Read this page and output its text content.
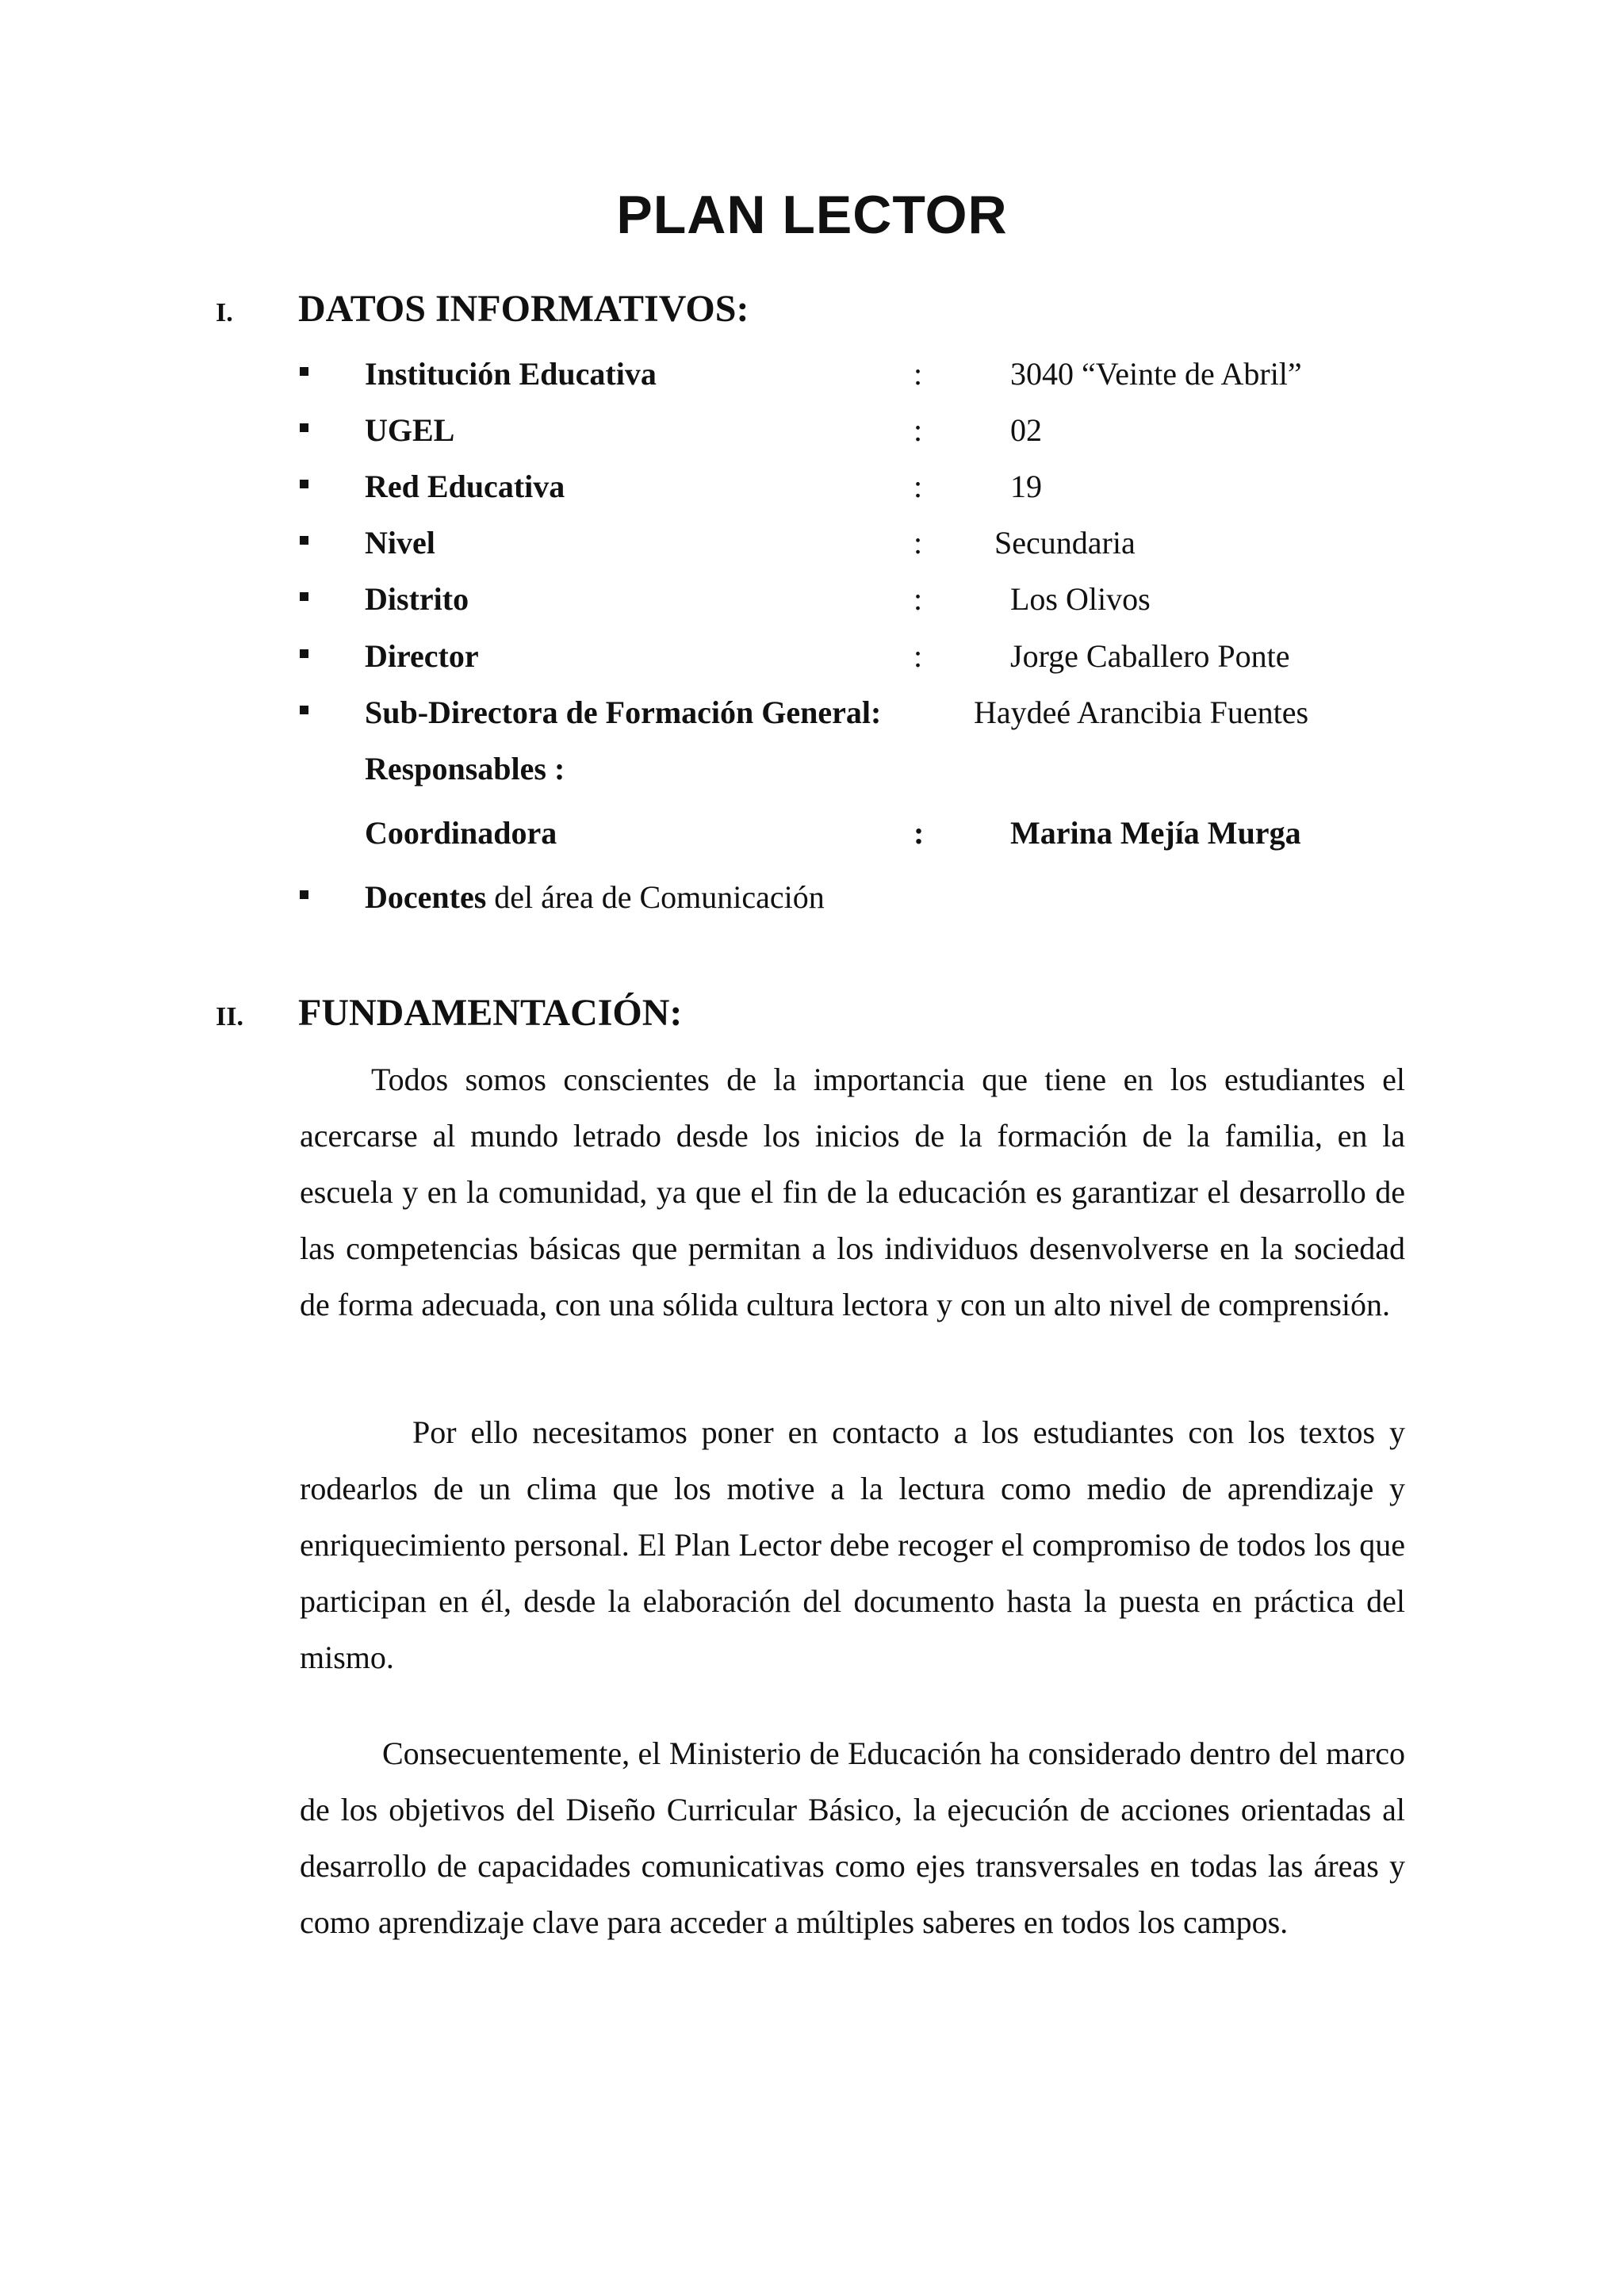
PLAN LECTOR
I. DATOS INFORMATIVOS:
Institución Educativa	:	3040 “Veinte de Abril”
UGEL	:	02
Red Educativa	:	19
Nivel	: Secundaria
Distrito	:	Los Olivos
Director	:	Jorge Caballero Ponte
Sub-Directora de Formación General:	Haydeé Arancibia Fuentes
Responsables :
Coordinadora	:	Marina Mejía Murga
Docentes del área de Comunicación
II. FUNDAMENTACIÓN:

Todos somos conscientes de la importancia que tiene en los estudiantes el acercarse al mundo letrado desde los inicios de la formación de la familia, en la escuela y en la comunidad, ya que el fin de la educación es garantizar el desarrollo de las competencias básicas que permitan a los individuos desenvolverse en la sociedad de forma adecuada, con una sólida cultura lectora y con un alto nivel de comprensión.

Por ello necesitamos poner en contacto a los estudiantes con los textos y rodearlos de un clima que los motive a la lectura como medio de aprendizaje y enriquecimiento personal. El Plan Lector debe recoger el compromiso de todos los que participan en él, desde la elaboración del documento hasta la puesta en práctica del mismo.

Consecuentemente, el Ministerio de Educación ha considerado dentro del marco de los objetivos del Diseño Curricular Básico, la ejecución de acciones orientadas al desarrollo de capacidades comunicativas como ejes transversales en todas las áreas y como aprendizaje clave para acceder a múltiples saberes en todos los campos.
